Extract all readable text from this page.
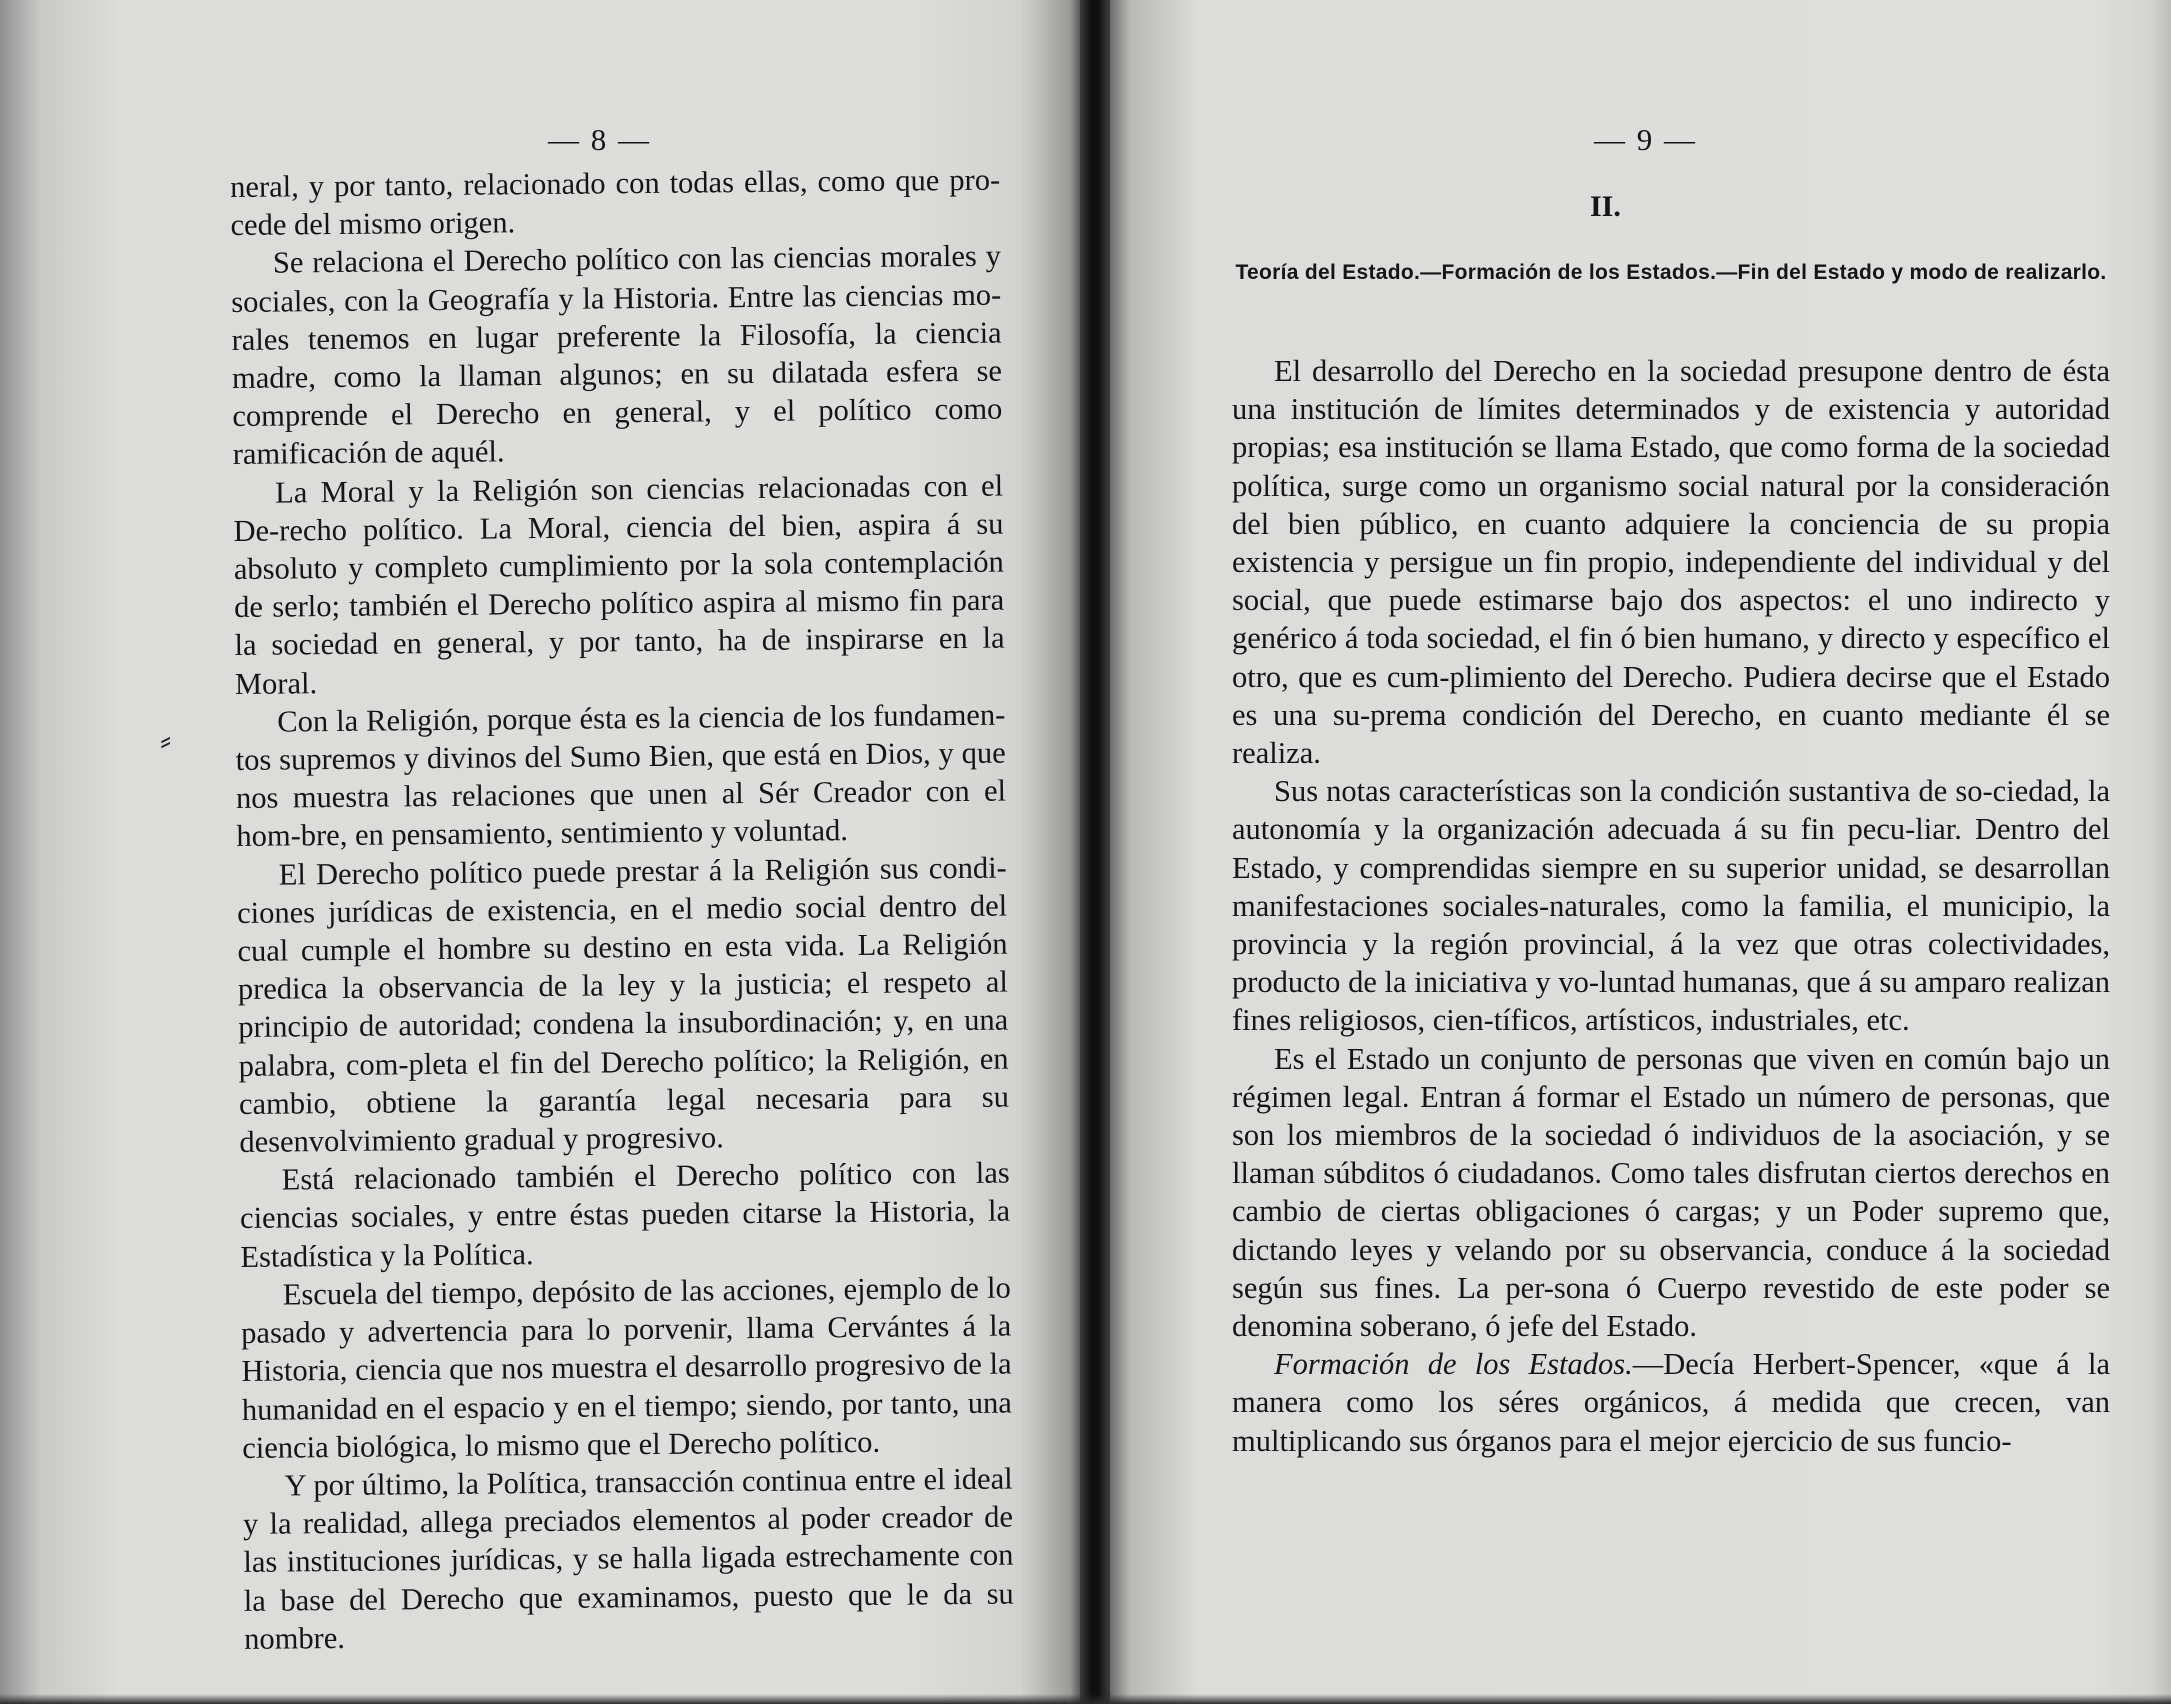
— 8 —
⸗

neral, y por tanto, relacionado con todas ellas, como que pro-cede del mismo origen.

Se relaciona el Derecho político con las ciencias morales y sociales, con la Geografía y la Historia. Entre las ciencias mo-rales tenemos en lugar preferente la Filosofía, la ciencia madre, como la llaman algunos; en su dilatada esfera se comprende el Derecho en general, y el político como ramificación de aquél.

La Moral y la Religión son ciencias relacionadas con el De-recho político. La Moral, ciencia del bien, aspira á su absoluto y completo cumplimiento por la sola contemplación de serlo; también el Derecho político aspira al mismo fin para la sociedad en general, y por tanto, ha de inspirarse en la Moral.

Con la Religión, porque ésta es la ciencia de los fundamen-tos supremos y divinos del Sumo Bien, que está en Dios, y que nos muestra las relaciones que unen al Sér Creador con el hom-bre, en pensamiento, sentimiento y voluntad.

El Derecho político puede prestar á la Religión sus condi-ciones jurídicas de existencia, en el medio social dentro del cual cumple el hombre su destino en esta vida. La Religión predica la observancia de la ley y la justicia; el respeto al principio de autoridad; condena la insubordinación; y, en una palabra, com-pleta el fin del Derecho político; la Religión, en cambio, obtiene la garantía legal necesaria para su desenvolvimiento gradual y progresivo.

Está relacionado también el Derecho político con las ciencias sociales, y entre éstas pueden citarse la Historia, la Estadística y la Política.

Escuela del tiempo, depósito de las acciones, ejemplo de lo pasado y advertencia para lo porvenir, llama Cervántes á la Historia, ciencia que nos muestra el desarrollo progresivo de la humanidad en el espacio y en el tiempo; siendo, por tanto, una ciencia biológica, lo mismo que el Derecho político.

Y por último, la Política, transacción continua entre el ideal y la realidad, allega preciados elementos al poder creador de las instituciones jurídicas, y se halla ligada estrechamente con la base del Derecho que examinamos, puesto que le da su nombre.

— 9 —
II.
Teoría del Estado.—Formación de los Estados.—Fin del Estado y modo de realizarlo.

El desarrollo del Derecho en la sociedad presupone dentro de ésta una institución de límites determinados y de existencia y autoridad propias; esa institución se llama Estado, que como forma de la sociedad política, surge como un organismo social natural por la consideración del bien público, en cuanto adquiere la conciencia de su propia existencia y persigue un fin propio, independiente del individual y del social, que puede estimarse bajo dos aspectos: el uno indirecto y genérico á toda sociedad, el fin ó bien humano, y directo y específico el otro, que es cum-plimiento del Derecho. Pudiera decirse que el Estado es una su-prema condición del Derecho, en cuanto mediante él se realiza.

Sus notas características son la condición sustantiva de so-ciedad, la autonomía y la organización adecuada á su fin pecu-liar. Dentro del Estado, y comprendidas siempre en su superior unidad, se desarrollan manifestaciones sociales-naturales, como la familia, el municipio, la provincia y la región provincial, á la vez que otras colectividades, producto de la iniciativa y vo-luntad humanas, que á su amparo realizan fines religiosos, cien-tíficos, artísticos, industriales, etc.

Es el Estado un conjunto de personas que viven en común bajo un régimen legal. Entran á formar el Estado un número de personas, que son los miembros de la sociedad ó individuos de la asociación, y se llaman súbditos ó ciudadanos. Como tales disfrutan ciertos derechos en cambio de ciertas obligaciones ó cargas; y un Poder supremo que, dictando leyes y velando por su observancia, conduce á la sociedad según sus fines. La per-sona ó Cuerpo revestido de este poder se denomina soberano, ó jefe del Estado.

Formación de los Estados.—Decía Herbert-Spencer, «que á la manera como los séres orgánicos, á medida que crecen, van multiplicando sus órganos para el mejor ejercicio de sus funcio-
